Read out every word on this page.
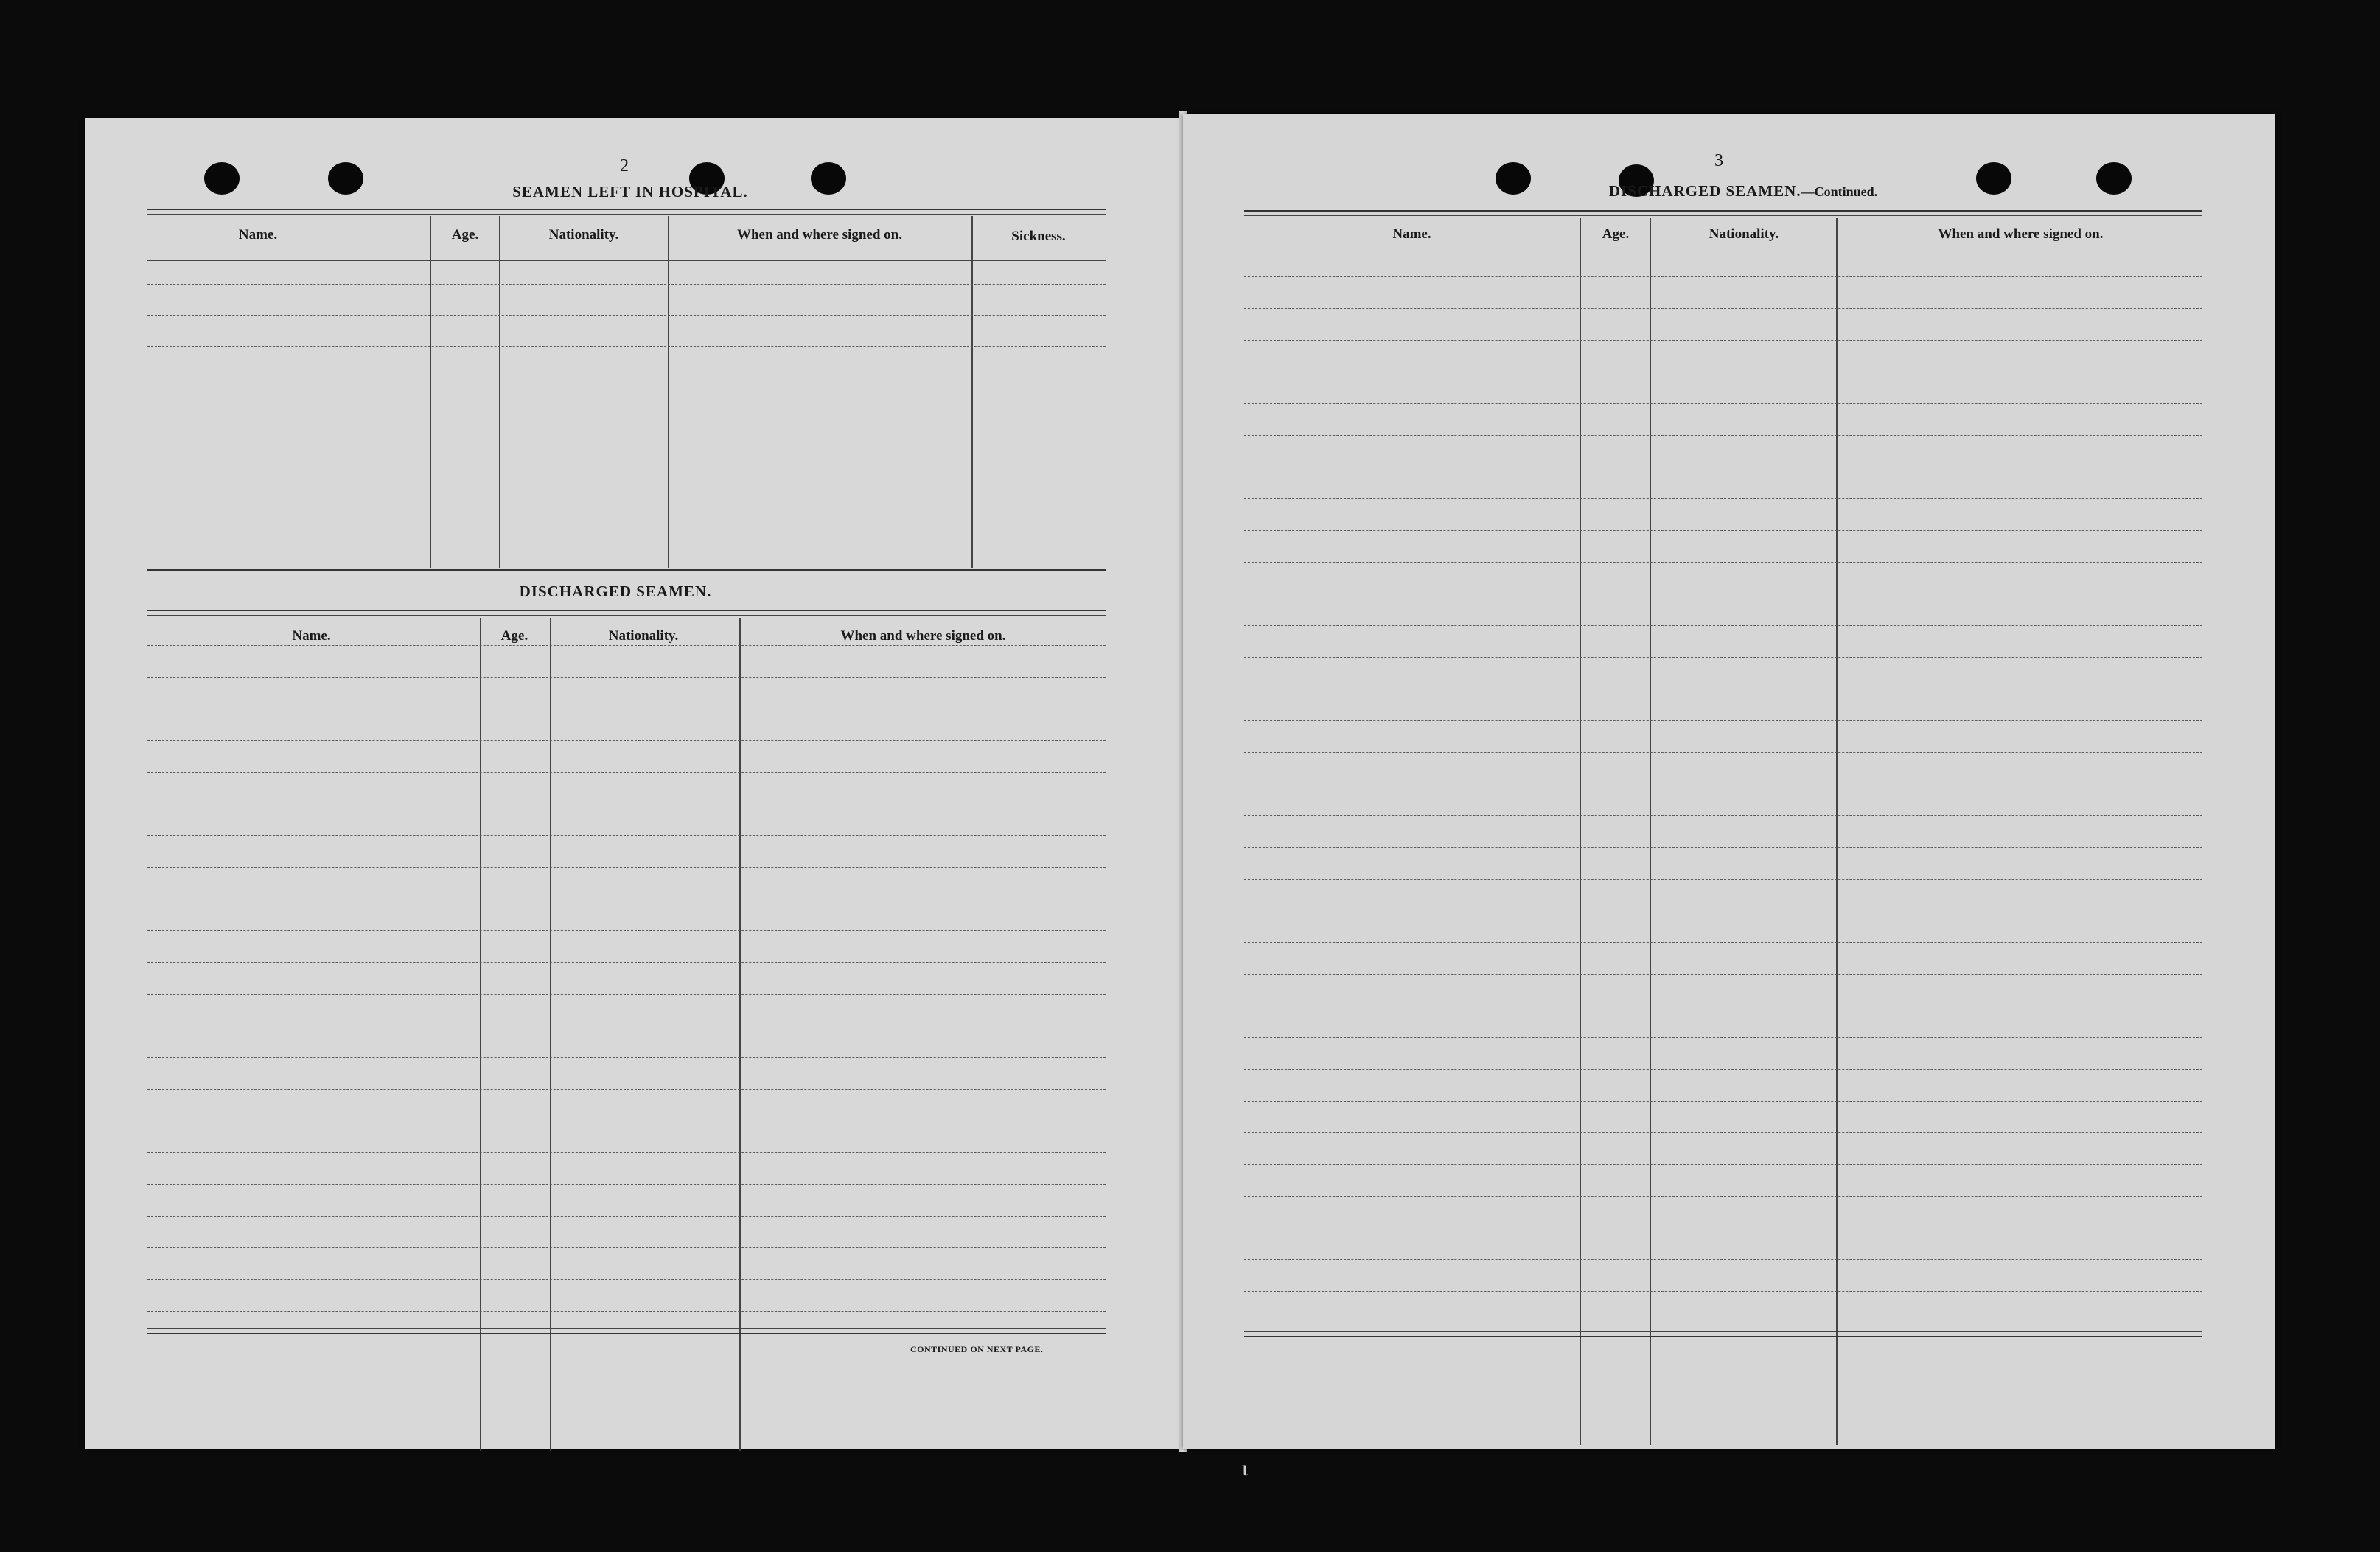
2
SEAMEN LEFT IN HOSPITAL.
Name.	Age.	Nationality.	When and where signed on.	Sickness.
DISCHARGED SEAMEN.
Name.	Age.	Nationality.	When and where signed on.
CONTINUED ON NEXT PAGE.
3
DISCHARGED SEAMEN.—Continued.
Name.	Age.	Nationality.	When and where signed on.
ɩ
